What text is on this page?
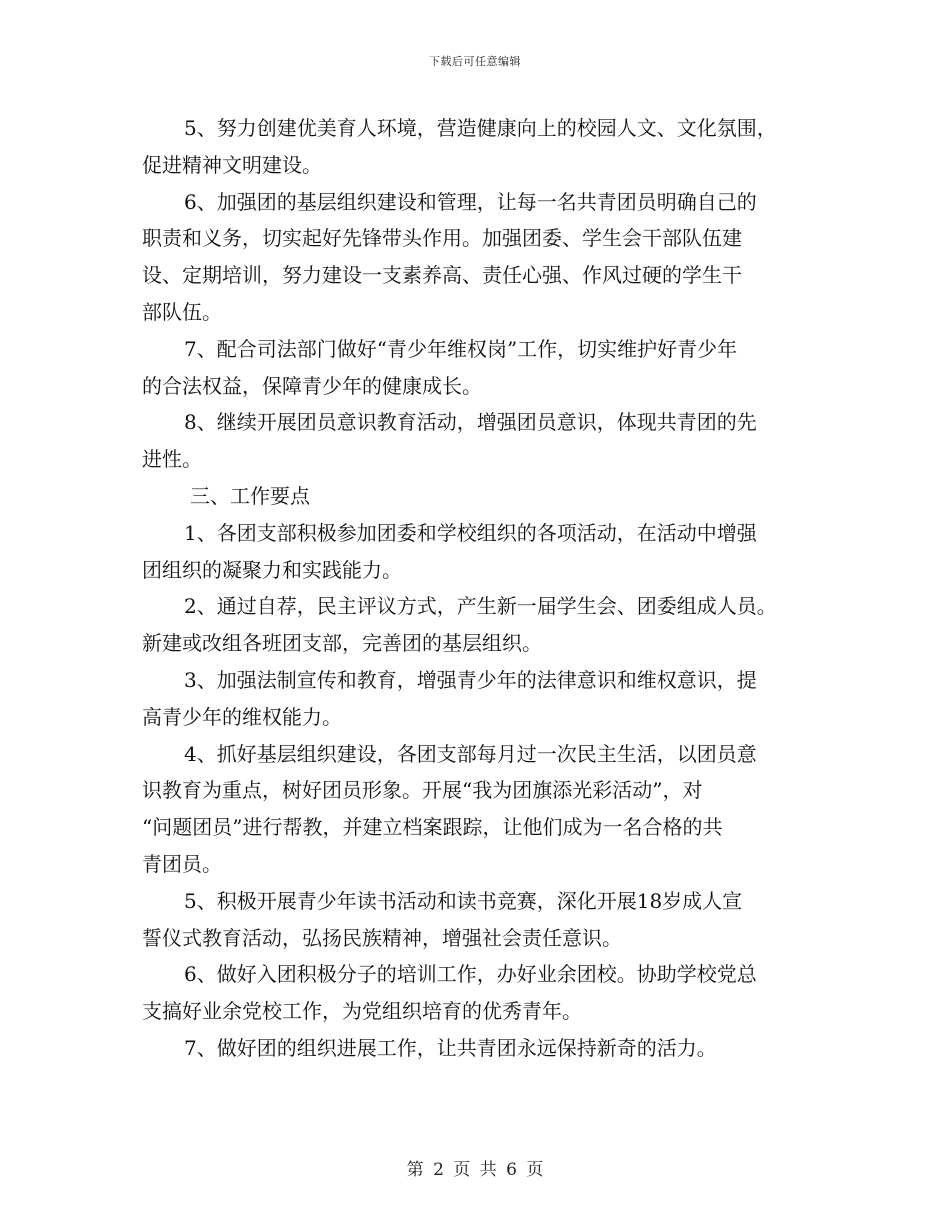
下载后可任意编辑
5、努力创建优美育人环境，营造健康向上的校园人文、文化氛围，
促进精神文明建设。
6、加强团的基层组织建设和管理，让每一名共青团员明确自己的
职责和义务，切实起好先锋带头作用。加强团委、学生会干部队伍建
设、定期培训，努力建设一支素养高、责任心强、作风过硬的学生干
部队伍。
7、配合司法部门做好“青少年维权岗”工作，切实维护好青少年
的合法权益，保障青少年的健康成长。
8、继续开展团员意识教育活动，增强团员意识，体现共青团的先
进性。
三、工作要点
1、各团支部积极参加团委和学校组织的各项活动，在活动中增强
团组织的凝聚力和实践能力。
2、通过自荐，民主评议方式，产生新一届学生会、团委组成人员。
新建或改组各班团支部，完善团的基层组织。
3、加强法制宣传和教育，增强青少年的法律意识和维权意识，提
高青少年的维权能力。
4、抓好基层组织建设，各团支部每月过一次民主生活，以团员意
识教育为重点，树好团员形象。开展“我为团旗添光彩活动”，对
“问题团员”进行帮教，并建立档案跟踪，让他们成为一名合格的共
青团员。
5、积极开展青少年读书活动和读书竞赛，深化开展18岁成人宣
誓仪式教育活动，弘扬民族精神，增强社会责任意识。
6、做好入团积极分子的培训工作，办好业余团校。协助学校党总
支搞好业余党校工作，为党组织培育的优秀青年。
7、做好团的组织进展工作，让共青团永远保持新奇的活力。
第 2 页 共 6 页
